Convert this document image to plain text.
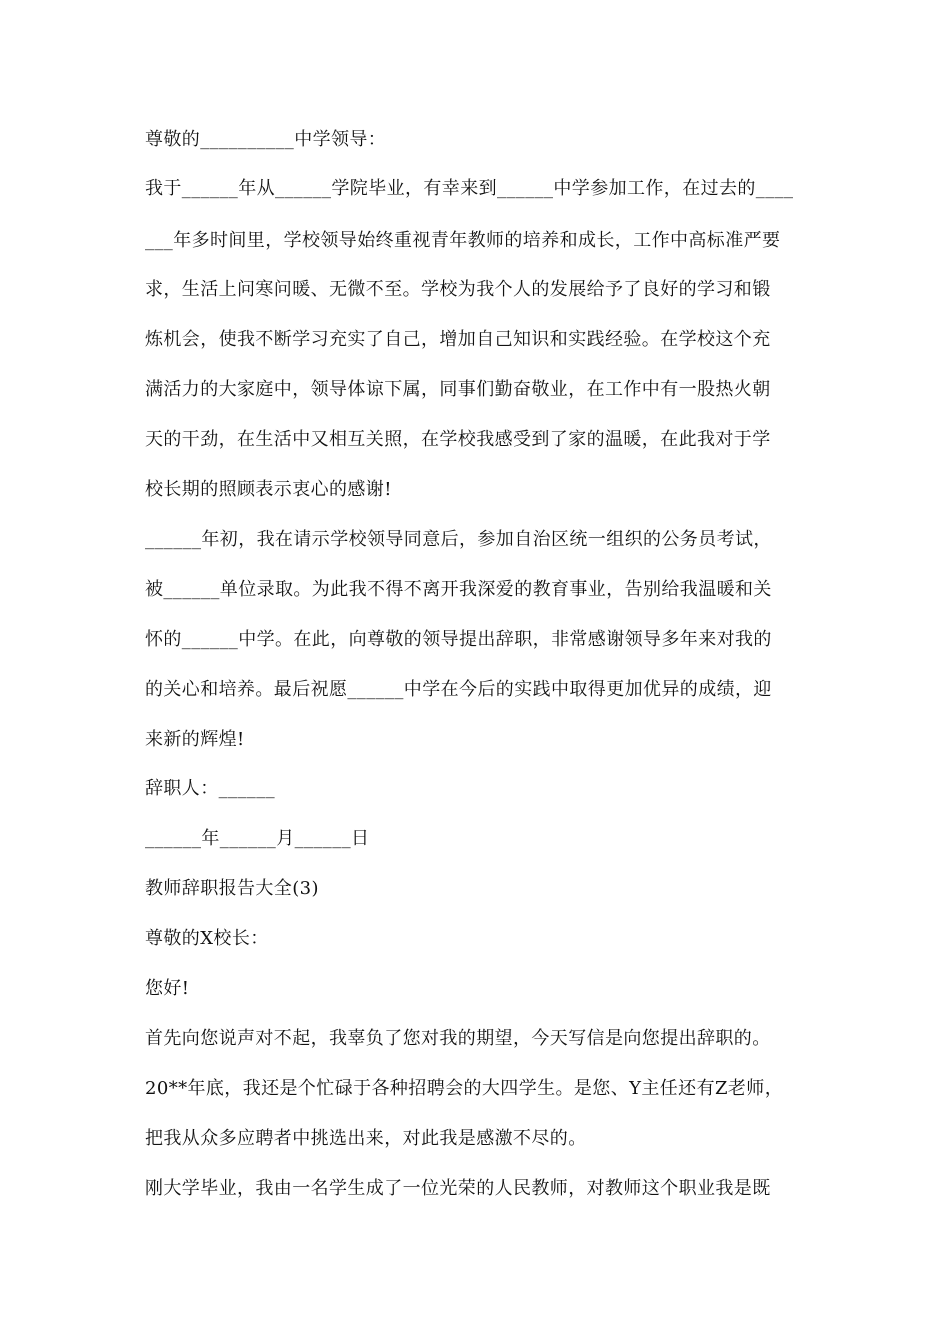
尊敬的__________中学领导：
我于______年从______学院毕业，有幸来到______中学参加工作，在过去的____
___年多时间里，学校领导始终重视青年教师的培养和成长，工作中高标准严要
求，生活上问寒问暖、无微不至。学校为我个人的发展给予了良好的学习和锻
炼机会，使我不断学习充实了自己，增加自己知识和实践经验。在学校这个充
满活力的大家庭中，领导体谅下属，同事们勤奋敬业，在工作中有一股热火朝
天的干劲，在生活中又相互关照，在学校我感受到了家的温暖，在此我对于学
校长期的照顾表示衷心的感谢!
______年初，我在请示学校领导同意后，参加自治区统一组织的公务员考试，
被______单位录取。为此我不得不离开我深爱的教育事业，告别给我温暖和关
怀的______中学。在此，向尊敬的领导提出辞职，非常感谢领导多年来对我的
的关心和培养。最后祝愿______中学在今后的实践中取得更加优异的成绩，迎
来新的辉煌!
辞职人：______
______年______月______日
教师辞职报告大全(3)
尊敬的X校长：
您好!
首先向您说声对不起，我辜负了您对我的期望，今天写信是向您提出辞职的。
20**年底，我还是个忙碌于各种招聘会的大四学生。是您、Y主任还有Z老师，
把我从众多应聘者中挑选出来，对此我是感激不尽的。
刚大学毕业，我由一名学生成了一位光荣的人民教师，对教师这个职业我是既
